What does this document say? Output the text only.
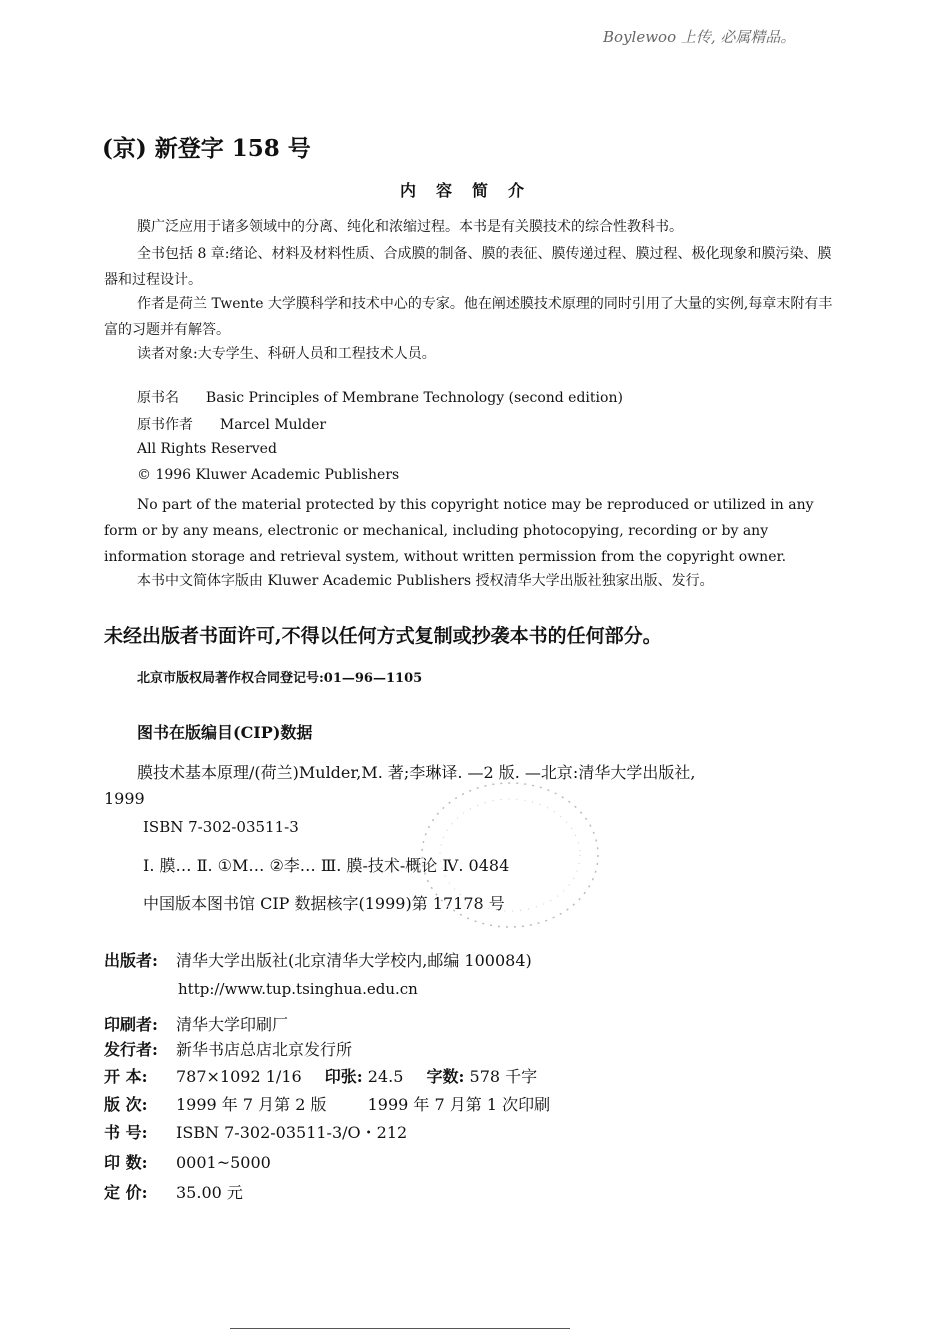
Boylewoo 上传, 必属精品。
(京) 新登字 158 号
内容简介
膜广泛应用于诸多领域中的分离、纯化和浓缩过程。本书是有关膜技术的综合性教科书。
全书包括 8 章:绪论、材料及材料性质、合成膜的制备、膜的表征、膜传递过程、膜过程、极化现象和膜污染、膜器和过程设计。
作者是荷兰 Twente 大学膜科学和技术中心的专家。他在阐述膜技术原理的同时引用了大量的实例,每章末附有丰富的习题并有解答。
读者对象:大专学生、科研人员和工程技术人员。
原书名 Basic Principles of Membrane Technology (second edition)
原书作者 Marcel Mulder
All Rights Reserved
© 1996 Kluwer Academic Publishers
No part of the material protected by this copyright notice may be reproduced or utilized in any form or by any means, electronic or mechanical, including photocopying, recording or by any information storage and retrieval system, without written permission from the copyright owner.
本书中文简体字版由 Kluwer Academic Publishers 授权清华大学出版社独家出版、发行。
未经出版者书面许可,不得以任何方式复制或抄袭本书的任何部分。
北京市版权局著作权合同登记号:01—96—1105
图书在版编目(CIP)数据
膜技术基本原理/(荷兰)Mulder,M. 著;李琳译. —2 版. —北京:清华大学出版社,
1999
ISBN 7-302-03511-3
Ⅰ. 膜… Ⅱ. ①M… ②李… Ⅲ. 膜-技术-概论 Ⅳ. 0484
中国版本图书馆 CIP 数据核字(1999)第 17178 号
出版者: 清华大学出版社(北京清华大学校内,邮编 100084)
http://www.tup.tsinghua.edu.cn
印刷者: 清华大学印刷厂
发行者: 新华书店总店北京发行所
开 本: 787×1092 1/16 印张: 24.5 字数: 578 千字
版 次: 1999 年 7 月第 2 版	1999 年 7 月第 1 次印刷
书 号: ISBN 7-302-03511-3/O・212
印 数: 0001~5000
定 价: 35.00 元
